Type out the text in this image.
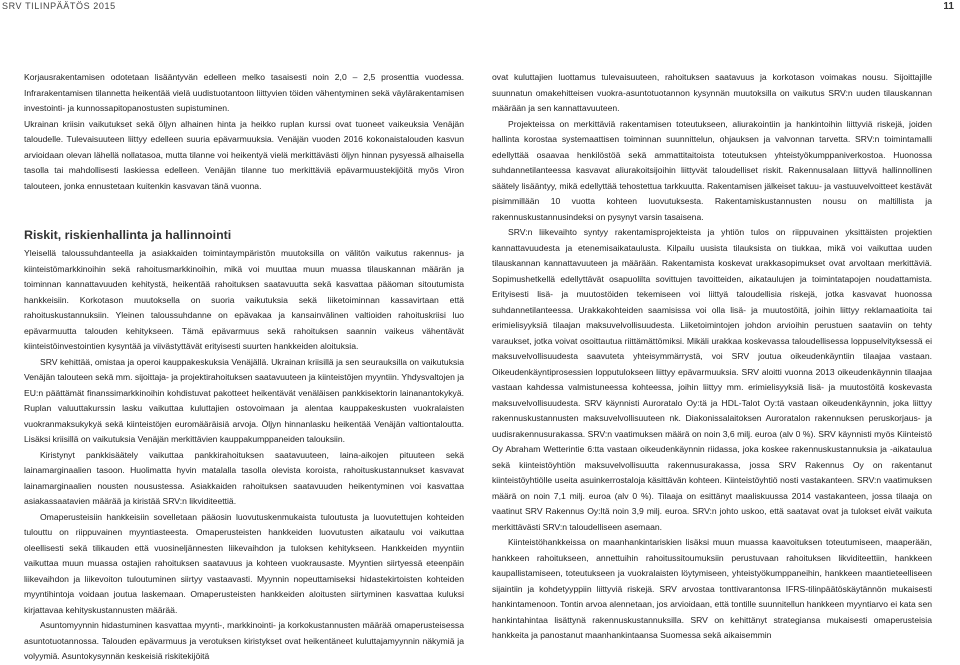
SRV TILINPÄÄTÖS 2015	11

Korjausrakentamisen odotetaan lisääntyvän edelleen melko tasaisesti noin 2,0 – 2,5 prosenttia vuodessa. Infrarakentamisen tilannetta heikentää vielä uudistuotantoon liittyvien töiden vähentyminen sekä väylärakentamisen investointi- ja kunnossapitopanostusten supistuminen.

Ukrainan kriisin vaikutukset sekä öljyn alhainen hinta ja heikko ruplan kurssi ovat tuoneet vaikeuksia Venäjän taloudelle. Tulevaisuuteen liittyy edelleen suuria epävarmuuksia. Venäjän vuoden 2016 kokonaistalouden kasvun arvioidaan olevan lähellä nollatasoa, mutta tilanne voi heikentyä vielä merkittävästi öljyn hinnan pysyessä alhaisella tasolla tai mahdollisesti laskiessa edelleen. Venäjän tilanne tuo merkittäviä epävarmuustekijöitä myös Viron talouteen, jonka ennustetaan kuitenkin kasvavan tänä vuonna.

Riskit, riskienhallinta ja hallinnointi

Yleisellä taloussuhdanteella ja asiakkaiden toimintaympäristön muutoksilla on välitön vaikutus rakennus- ja kiinteistömarkkinoihin sekä rahoitusmarkkinoihin, mikä voi muuttaa muun muassa tilauskannan määrän ja toiminnan kannattavuuden kehitystä, heikentää rahoituksen saatavuutta sekä kasvattaa pääoman sitoutumista hankkeisiin. Korkotason muutoksella on suoria vaikutuksia sekä liiketoiminnan kassavirtaan että rahoituskustannuksiin. Yleinen taloussuhdanne on epävakaa ja kansainvälinen valtioiden rahoituskriisi luo epävarmuutta talouden kehitykseen. Tämä epävarmuus sekä rahoituksen saannin vaikeus vähentävät kiinteistöinvestointien kysyntää ja viivästyttävät erityisesti suurten hankkeiden aloituksia.

SRV kehittää, omistaa ja operoi kauppakeskuksia Venäjällä. Ukrainan kriisillä ja sen seurauksilla on vaikutuksia Venäjän talouteen sekä mm. sijoittaja- ja projektirahoituksen saatavuuteen ja kiinteistöjen myyntiin. Yhdysvaltojen ja EU:n päättämät finanssimarkkinoihin kohdistuvat pakotteet heikentävät venäläisen pankkisektorin lainanantokykyä. Ruplan valuuttakurssin lasku vaikuttaa kuluttajien ostovoimaan ja alentaa kauppakeskusten vuokralaisten vuokranmaksukykyä sekä kiinteistöjen euromääräisiä arvoja. Öljyn hinnanlasku heikentää Venäjän valtiontaloutta. Lisäksi kriisillä on vaikutuksia Venäjän merkittävien kauppakumppaneiden talouksiin.

Kiristynyt pankkisäätely vaikuttaa pankkirahoituksen saatavuuteen, laina-aikojen pituuteen sekä lainamarginaalien tasoon. Huolimatta hyvin matalalla tasolla olevista koroista, rahoituskustannukset kasvavat lainamarginaalien nousten nousustessa. Asiakkaiden rahoituksen saatavuuden heikentyminen voi kasvattaa asiakassaatavien määrää ja kiristää SRV:n likviditeettiä.

Omaperusteisiin hankkeisiin sovelletaan pääosin luovutuskenmukaista tuloutusta ja luovutettujen kohteiden tulouttu on riippuvainen myyntiasteesta. Omaperusteisten hankkeiden luovutusten aikataulu voi vaikuttaa oleellisesti sekä tilikauden että vuosineljännesten liikevaihdon ja tuloksen kehitykseen. Hankkeiden myyntiin vaikuttaa muun muassa ostajien rahoituksen saatavuus ja kohteen vuokrausaste. Myyntien siirtyessä eteenpäin liikevaihdon ja liikevoiton tuloutuminen siirtyy vastaavasti. Myynnin nopeuttamiseksi hidastekirtoisten kohteiden myyntihintoja voidaan joutua laskemaan. Omaperusteisten hankkeiden aloitusten siirtyminen kasvattaa kuluksi kirjattavaa kehityskustannusten määrää.

Asuntomyynnin hidastuminen kasvattaa myynti-, markkinointi- ja korkokustannusten määrää omaperusteisessa asuntotuotannossa. Talouden epävarmuus ja verotuksen kiristykset ovat heikentäneet kuluttajamyynnin näkymiä ja volyymiä. Asuntokysynnän keskeisiä riskitekijöitä

ovat kuluttajien luottamus tulevaisuuteen, rahoituksen saatavuus ja korkotason voimakas nousu. Sijoittajille suunnatun omakehitteisen vuokra-asuntotuotannon kysynnän muutoksilla on vaikutus SRV:n uuden tilauskannan määrään ja sen kannattavuuteen.

Projekteissa on merkittäviä rakentamisen toteutukseen, aliurakointiin ja hankintoihin liittyviä riskejä, joiden hallinta korostaa systemaattisen toiminnan suunnittelun, ohjauksen ja valvonnan tarvetta. SRV:n toimintamalli edellyttää osaavaa henkilöstöä sekä ammattitaitoista toteutuksen yhteistyökumppaniverkostoa. Huonossa suhdannetilanteessa kasvavat aliurakoitsijoihin liittyvät taloudelliset riskit. Rakennusalaan liittyvä hallinnollinen säätely lisääntyy, mikä edellyttää tehostettua tarkkuutta. Rakentamisen jälkeiset takuu- ja vastuuvelvoitteet kestävät pisimmillään 10 vuotta kohteen luovutuksesta. Rakentamiskustannusten nousu on maltillista ja rakennuskustannusindeksi on pysynyt varsin tasaisena.

SRV:n liikevaihto syntyy rakentamisprojekteista ja yhtiön tulos on riippuvainen yksittäisten projektien kannattavuudesta ja etenemisaikataulusta. Kilpailu uusista tilauksista on tiukkaa, mikä voi vaikuttaa uuden tilauskannan kannattavuuteen ja määrään. Rakentamista koskevat urakkasopimukset ovat arvoltaan merkittäviä. Sopimushetkellä edellyttävät osapuolilta sovittujen tavoitteiden, aikataulujen ja toimintatapojen noudattamista. Erityisesti lisä- ja muutostöiden tekemiseen voi liittyä taloudellisia riskejä, jotka kasvavat huonossa suhdannetilanteessa. Urakkakohteiden saamisissa voi olla lisä- ja muutostöitä, joihin liittyy reklamaatioita tai erimielisyyksiä tilaajan maksuvelvollisuudesta. Liiketoimintojen johdon arvioihin perustuen saataviin on tehty varaukset, jotka voivat osoittautua riittämättömiksi. Mikäli urakkaa koskevassa taloudellisessa loppuselvityksessä ei maksuvelvollisuudesta saavuteta yhteisymmärrystä, voi SRV joutua oikeudenkäyntiin tilaajaa vastaan. Oikeudenkäyntiprosessien lopputulokseen liittyy epävarmuuksia. SRV aloitti vuonna 2013 oikeudenkäynnin tilaajaa vastaan kahdessa valmistuneessa kohteessa, joihin liittyy mm. erimielisyyksiä lisä- ja muutostöitä koskevasta maksuvelvollisuudesta. SRV käynnisti Auroratalo Oy:tä ja HDL-Talot Oy:tä vastaan oikeudenkäynnin, joka liittyy rakennuskustannusten maksuvelvollisuuteen nk. Diakonissalaitoksen Auroratalon rakennuksen peruskorjaus- ja uudisrakennusurakassa. SRV:n vaatimuksen määrä on noin 3,6 milj. euroa (alv 0 %). SRV käynnisti myös Kiinteistö Oy Abraham Wetterintie 6:tta vastaan oikeudenkäynnin riidassa, joka koskee rakennuskustannuksia ja -aikataulua sekä kiinteistöyhtiön maksuvelvollisuutta rakennusurakassa, jossa SRV Rakennus Oy on rakentanut kiinteistöyhtiölle useita asuinkerrostaloja käsittävän kohteen. Kiinteistöyhtiö nosti vastakanteen. SRV:n vaatimuksen määrä on noin 7,1 milj. euroa (alv 0 %). Tilaaja on esittänyt maaliskuussa 2014 vastakanteen, jossa tilaaja on vaatinut SRV Rakennus Oy:ltä noin 3,9 milj. euroa. SRV:n johto uskoo, että saatavat ovat ja tulokset eivät vaikuta merkittävästi SRV:n taloudelliseen asemaan.

Kiinteistöhankkeissa on maanhankintariskien lisäksi muun muassa kaavoituksen toteutumiseen, maaperään, hankkeen rahoitukseen, annettuihin rahoitussitoumuksiin perustuvaan rahoituksen likviditeettiin, hankkeen kaupallistamiseen, toteutukseen ja vuokralaisten löytymiseen, yhteistyökumppaneihin, hankkeen maantieteelliseen sijaintiin ja kohdetyyppiin liittyviä riskejä. SRV arvostaa tonttivarantonsa IFRS-tilinpäätöskäytännön mukaisesti hankintamenoon. Tontin arvoa alennetaan, jos arvioidaan, että tontille suunnitellun hankkeen myyntiarvo ei kata sen hankintahintaa lisättynä rakennuskustannuksilla. SRV on kehittänyt strategiansa mukaisesti omaperusteisia hankkeita ja panostanut maanhankintaansa Suomessa sekä aikaisemmin
